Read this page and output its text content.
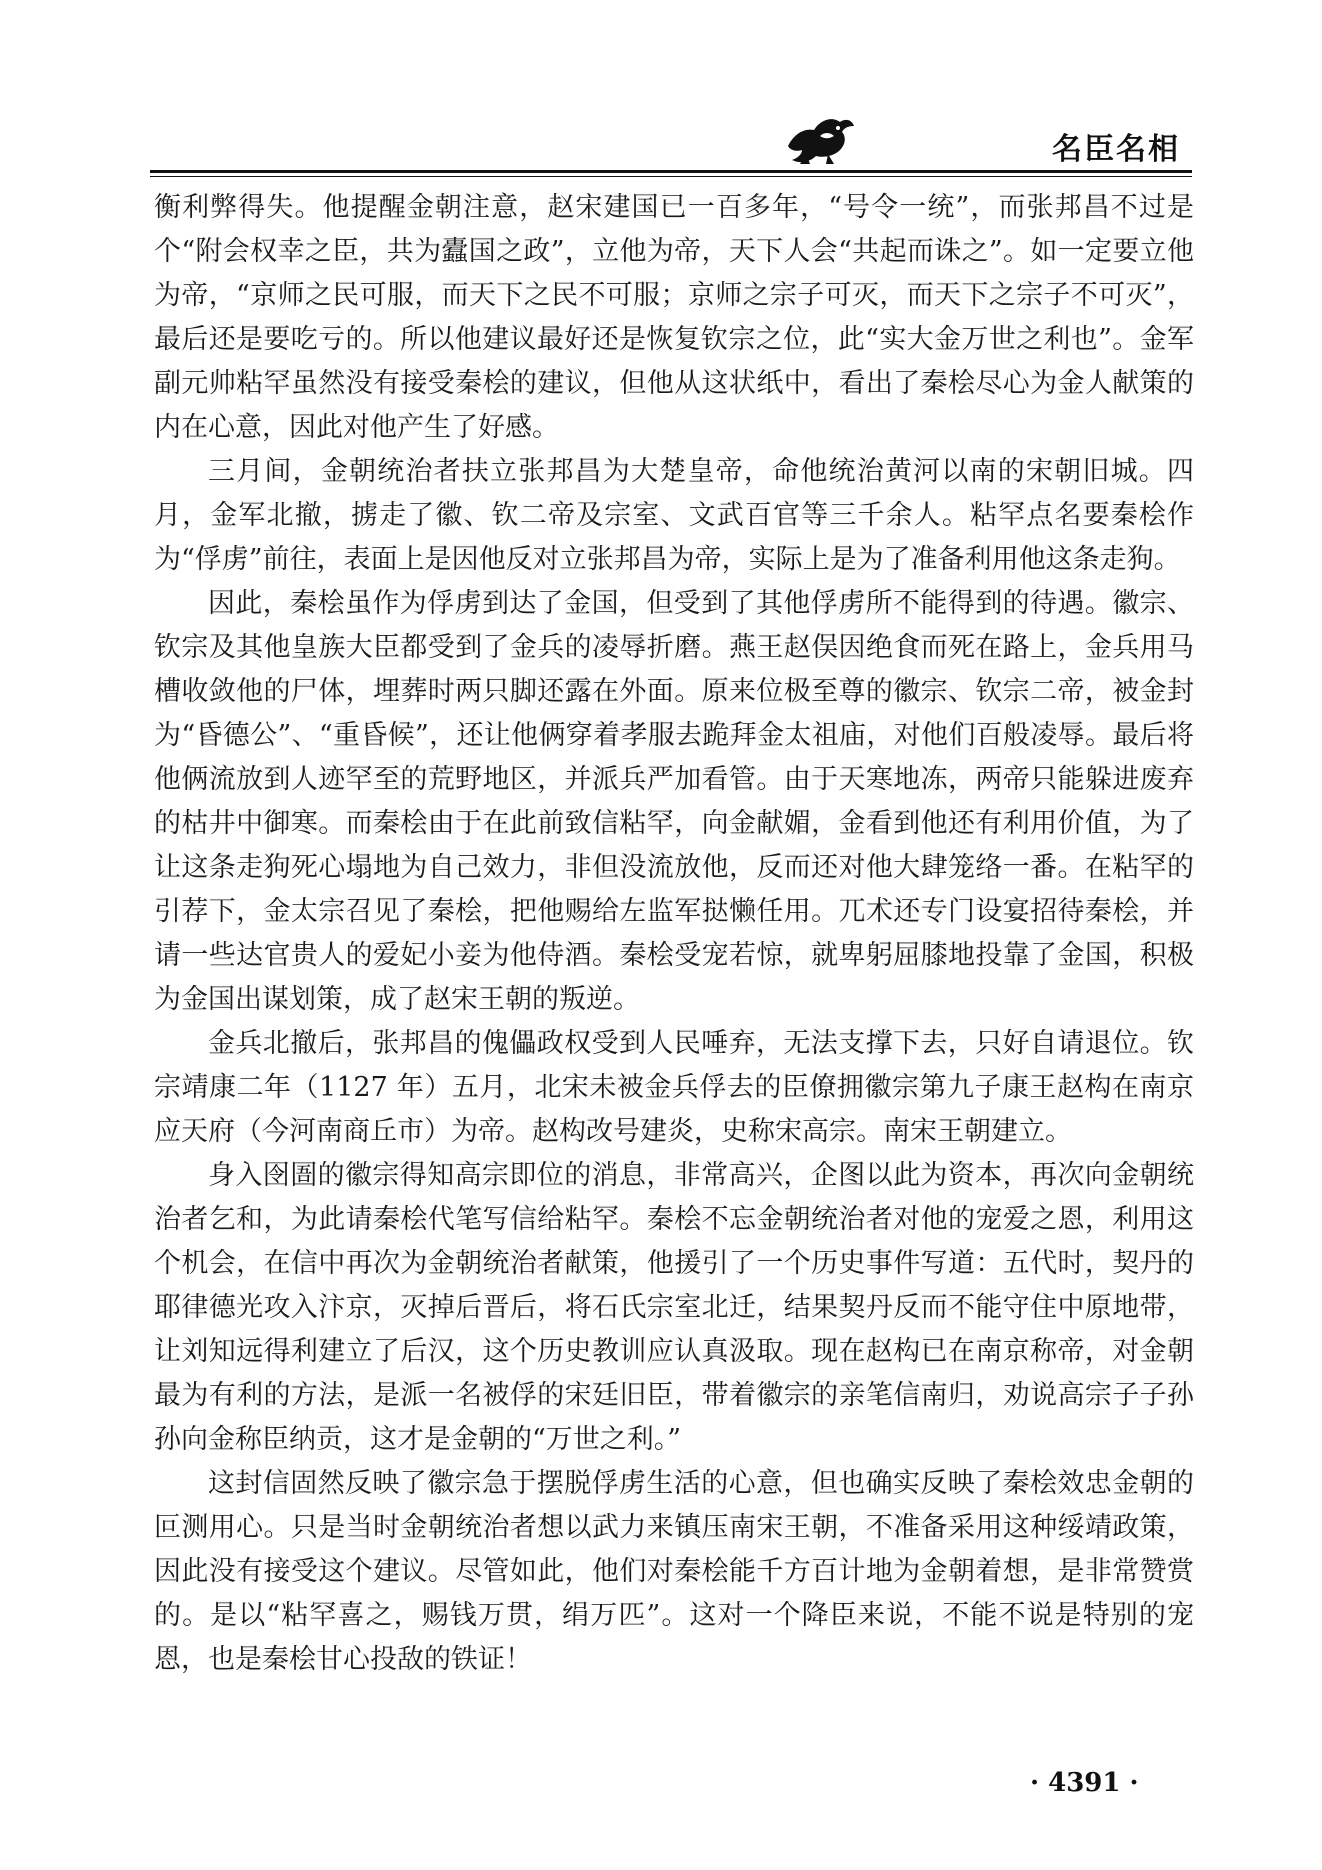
名臣名相

衡利弊得失。他提醒金朝注意，赵宋建国已一百多年，“号令一统”，而张邦昌不过是个“附会权幸之臣，共为蠹国之政”，立他为帝，天下人会“共起而诛之”。如一定要立他为帝，“京师之民可服，而天下之民不可服；京师之宗子可灭，而天下之宗子不可灭”，最后还是要吃亏的。所以他建议最好还是恢复钦宗之位，此“实大金万世之利也”。金军副元帅粘罕虽然没有接受秦桧的建议，但他从这状纸中，看出了秦桧尽心为金人献策的内在心意，因此对他产生了好感。

三月间，金朝统治者扶立张邦昌为大楚皇帝，命他统治黄河以南的宋朝旧城。四月，金军北撤，掳走了徽、钦二帝及宗室、文武百官等三千余人。粘罕点名要秦桧作为“俘虏”前往，表面上是因他反对立张邦昌为帝，实际上是为了准备利用他这条走狗。

因此，秦桧虽作为俘虏到达了金国，但受到了其他俘虏所不能得到的待遇。徽宗、钦宗及其他皇族大臣都受到了金兵的凌辱折磨。燕王赵俣因绝食而死在路上，金兵用马槽收敛他的尸体，埋葬时两只脚还露在外面。原来位极至尊的徽宗、钦宗二帝，被金封为“昏德公”、“重昏候”，还让他俩穿着孝服去跪拜金太祖庙，对他们百般凌辱。最后将他俩流放到人迹罕至的荒野地区，并派兵严加看管。由于天寒地冻，两帝只能躲进废弃的枯井中御寒。而秦桧由于在此前致信粘罕，向金献媚，金看到他还有利用价值，为了让这条走狗死心塌地为自己效力，非但没流放他，反而还对他大肆笼络一番。在粘罕的引荐下，金太宗召见了秦桧，把他赐给左监军挞懒任用。兀术还专门设宴招待秦桧，并请一些达官贵人的爱妃小妾为他侍酒。秦桧受宠若惊，就卑躬屈膝地投靠了金国，积极为金国出谋划策，成了赵宋王朝的叛逆。

金兵北撤后，张邦昌的傀儡政权受到人民唾弃，无法支撑下去，只好自请退位。钦宗靖康二年（1127 年）五月，北宋未被金兵俘去的臣僚拥徽宗第九子康王赵构在南京应天府（今河南商丘市）为帝。赵构改号建炎，史称宋高宗。南宋王朝建立。

身入囹圄的徽宗得知高宗即位的消息，非常高兴，企图以此为资本，再次向金朝统治者乞和，为此请秦桧代笔写信给粘罕。秦桧不忘金朝统治者对他的宠爱之恩，利用这个机会，在信中再次为金朝统治者献策，他援引了一个历史事件写道：五代时，契丹的耶律德光攻入汴京，灭掉后晋后，将石氏宗室北迁，结果契丹反而不能守住中原地带，让刘知远得利建立了后汉，这个历史教训应认真汲取。现在赵构已在南京称帝，对金朝最为有利的方法，是派一名被俘的宋廷旧臣，带着徽宗的亲笔信南归，劝说高宗子子孙孙向金称臣纳贡，这才是金朝的“万世之利。”

这封信固然反映了徽宗急于摆脱俘虏生活的心意，但也确实反映了秦桧效忠金朝的叵测用心。只是当时金朝统治者想以武力来镇压南宋王朝，不准备采用这种绥靖政策，因此没有接受这个建议。尽管如此，他们对秦桧能千方百计地为金朝着想，是非常赞赏的。是以“粘罕喜之，赐钱万贯，绢万匹”。这对一个降臣来说，不能不说是特别的宠恩，也是秦桧甘心投敌的铁证！

· 4391 ·
